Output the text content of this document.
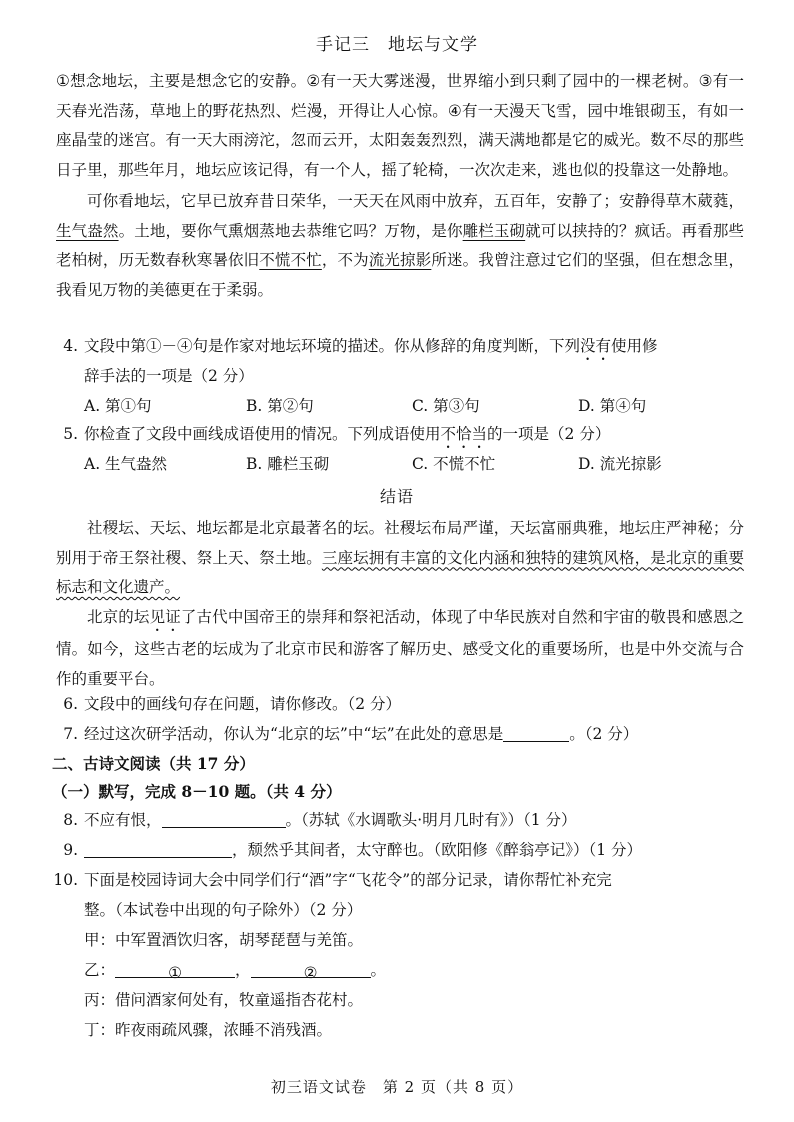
手记三　地坛与文学
①想念地坛，主要是想念它的安静。②有一天大雾迷漫，世界缩小到只剩了园中的一棵老树。③有一天春光浩荡，草地上的野花热烈、烂漫，开得让人心惊。④有一天漫天飞雪，园中堆银砌玉，有如一座晶莹的迷宫。有一天大雨滂沱，忽而云开，太阳轰轰烈烈，满天满地都是它的威光。数不尽的那些日子里，那些年月，地坛应该记得，有一个人，摇了轮椅，一次次走来，逃也似的投靠这一处静地。
可你看地坛，它早已放弃昔日荣华，一天天在风雨中放弃，五百年，安静了；安静得草木葳蕤，生气盎然。土地，要你气熏烟蒸地去恭维它吗？万物，是你雕栏玉砌就可以挟持的？疯话。再看那些老柏树，历无数春秋寒暑依旧不慌不忙，不为流光掠影所迷。我曾注意过它们的坚强，但在想念里，我看见万物的美德更在于柔弱。
4. 文段中第①－④句是作家对地坛环境的描述。你从修辞的角度判断，下列没有使用修
辞手法的一项是（2 分）
A. 第①句	B. 第②句	C. 第③句	D. 第④句
5. 你检查了文段中画线成语使用的情况。下列成语使用不恰当的一项是（2 分）
A. 生气盎然	B. 雕栏玉砌	C. 不慌不忙	D. 流光掠影
结语
社稷坛、天坛、地坛都是北京最著名的坛。社稷坛布局严谨，天坛富丽典雅，地坛庄严神秘；分别用于帝王祭社稷、祭上天、祭土地。三座坛拥有丰富的文化内涵和独特的建筑风格，是北京的重要标志和文化遗产。
北京的坛见证了古代中国帝王的崇拜和祭祀活动，体现了中华民族对自然和宇宙的敬畏和感恩之情。如今，这些古老的坛成为了北京市民和游客了解历史、感受文化的重要场所，也是中外交流与合作的重要平台。
6. 文段中的画线句存在问题，请你修改。（2 分）
7. 经过这次研学活动，你认为“北京的坛”中“坛”在此处的意思是	。（2 分）
二、古诗文阅读（共 17 分）
（一）默写，完成 8－10 题。（共 4 分）
8. 不应有恨，	。（苏轼《水调歌头·明月几时有》）（1 分）
9.	，颓然乎其间者，太守醉也。（欧阳修《醉翁亭记》）（1 分）
10. 下面是校园诗词大会中同学们行“酒”字“飞花令”的部分记录，请你帮忙补充完
整。（本试卷中出现的句子除外）（2 分）
甲：中军置酒饮归客，胡琴琵琶与羌笛。
乙：	①	，	②	。
丙：借问酒家何处有，牧童遥指杏花村。
丁：昨夜雨疏风骤，浓睡不消残酒。
初三语文试卷　第 2 页（共 8 页）
